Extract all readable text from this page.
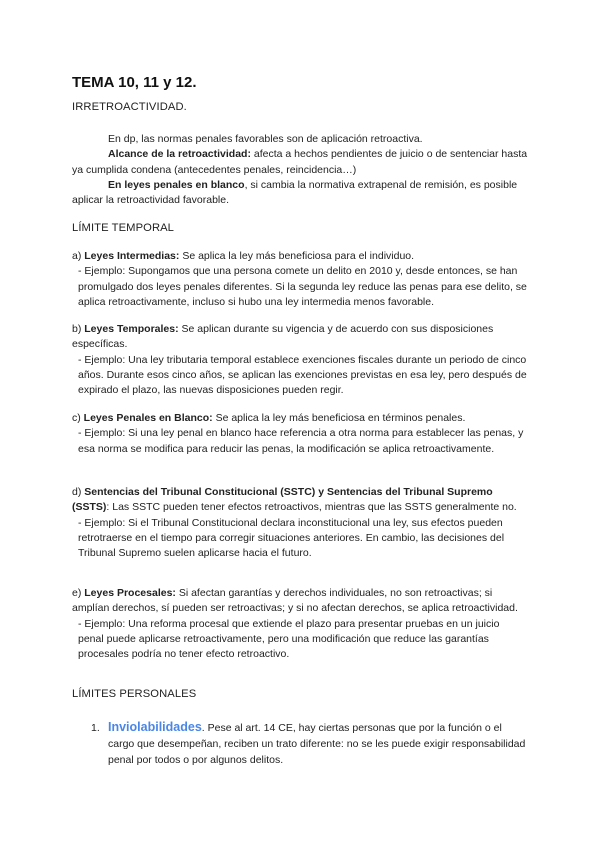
TEMA 10, 11 y 12.
IRRETROACTIVIDAD.

En dp, las normas penales favorables son de aplicación retroactiva.

Alcance de la retroactividad: afecta a hechos pendientes de juicio o de sentenciar hasta ya cumplida condena (antecedentes penales, reincidencia…)

En leyes penales en blanco, si cambia la normativa extrapenal de remisión, es posible aplicar la retroactividad favorable.

LÍMITE TEMPORAL

a) Leyes Intermedias: Se aplica la ley más beneficiosa para el individuo.

- Ejemplo: Supongamos que una persona comete un delito en 2010 y, desde entonces, se han promulgado dos leyes penales diferentes. Si la segunda ley reduce las penas para ese delito, se aplica retroactivamente, incluso si hubo una ley intermedia menos favorable.

b) Leyes Temporales: Se aplican durante su vigencia y de acuerdo con sus disposiciones específicas.

- Ejemplo: Una ley tributaria temporal establece exenciones fiscales durante un periodo de cinco años. Durante esos cinco años, se aplican las exenciones previstas en esa ley, pero después de expirado el plazo, las nuevas disposiciones pueden regir.

c) Leyes Penales en Blanco: Se aplica la ley más beneficiosa en términos penales.

- Ejemplo: Si una ley penal en blanco hace referencia a otra norma para establecer las penas, y esa norma se modifica para reducir las penas, la modificación se aplica retroactivamente.

d) Sentencias del Tribunal Constitucional (SSTC) y Sentencias del Tribunal Supremo (SSTS): Las SSTC pueden tener efectos retroactivos, mientras que las SSTS generalmente no.

- Ejemplo: Si el Tribunal Constitucional declara inconstitucional una ley, sus efectos pueden retrotraerse en el tiempo para corregir situaciones anteriores. En cambio, las decisiones del Tribunal Supremo suelen aplicarse hacia el futuro.

e) Leyes Procesales: Si afectan garantías y derechos individuales, no son retroactivas; si amplían derechos, sí pueden ser retroactivas; y si no afectan derechos, se aplica retroactividad.

- Ejemplo: Una reforma procesal que extiende el plazo para presentar pruebas en un juicio penal puede aplicarse retroactivamente, pero una modificación que reduce las garantías procesales podría no tener efecto retroactivo.

LÍMITES PERSONALES
1. Inviolabilidades. Pese al art. 14 CE, hay ciertas personas que por la función o el cargo que desempeñan, reciben un trato diferente: no se les puede exigir responsabilidad penal por todos o por algunos delitos.
